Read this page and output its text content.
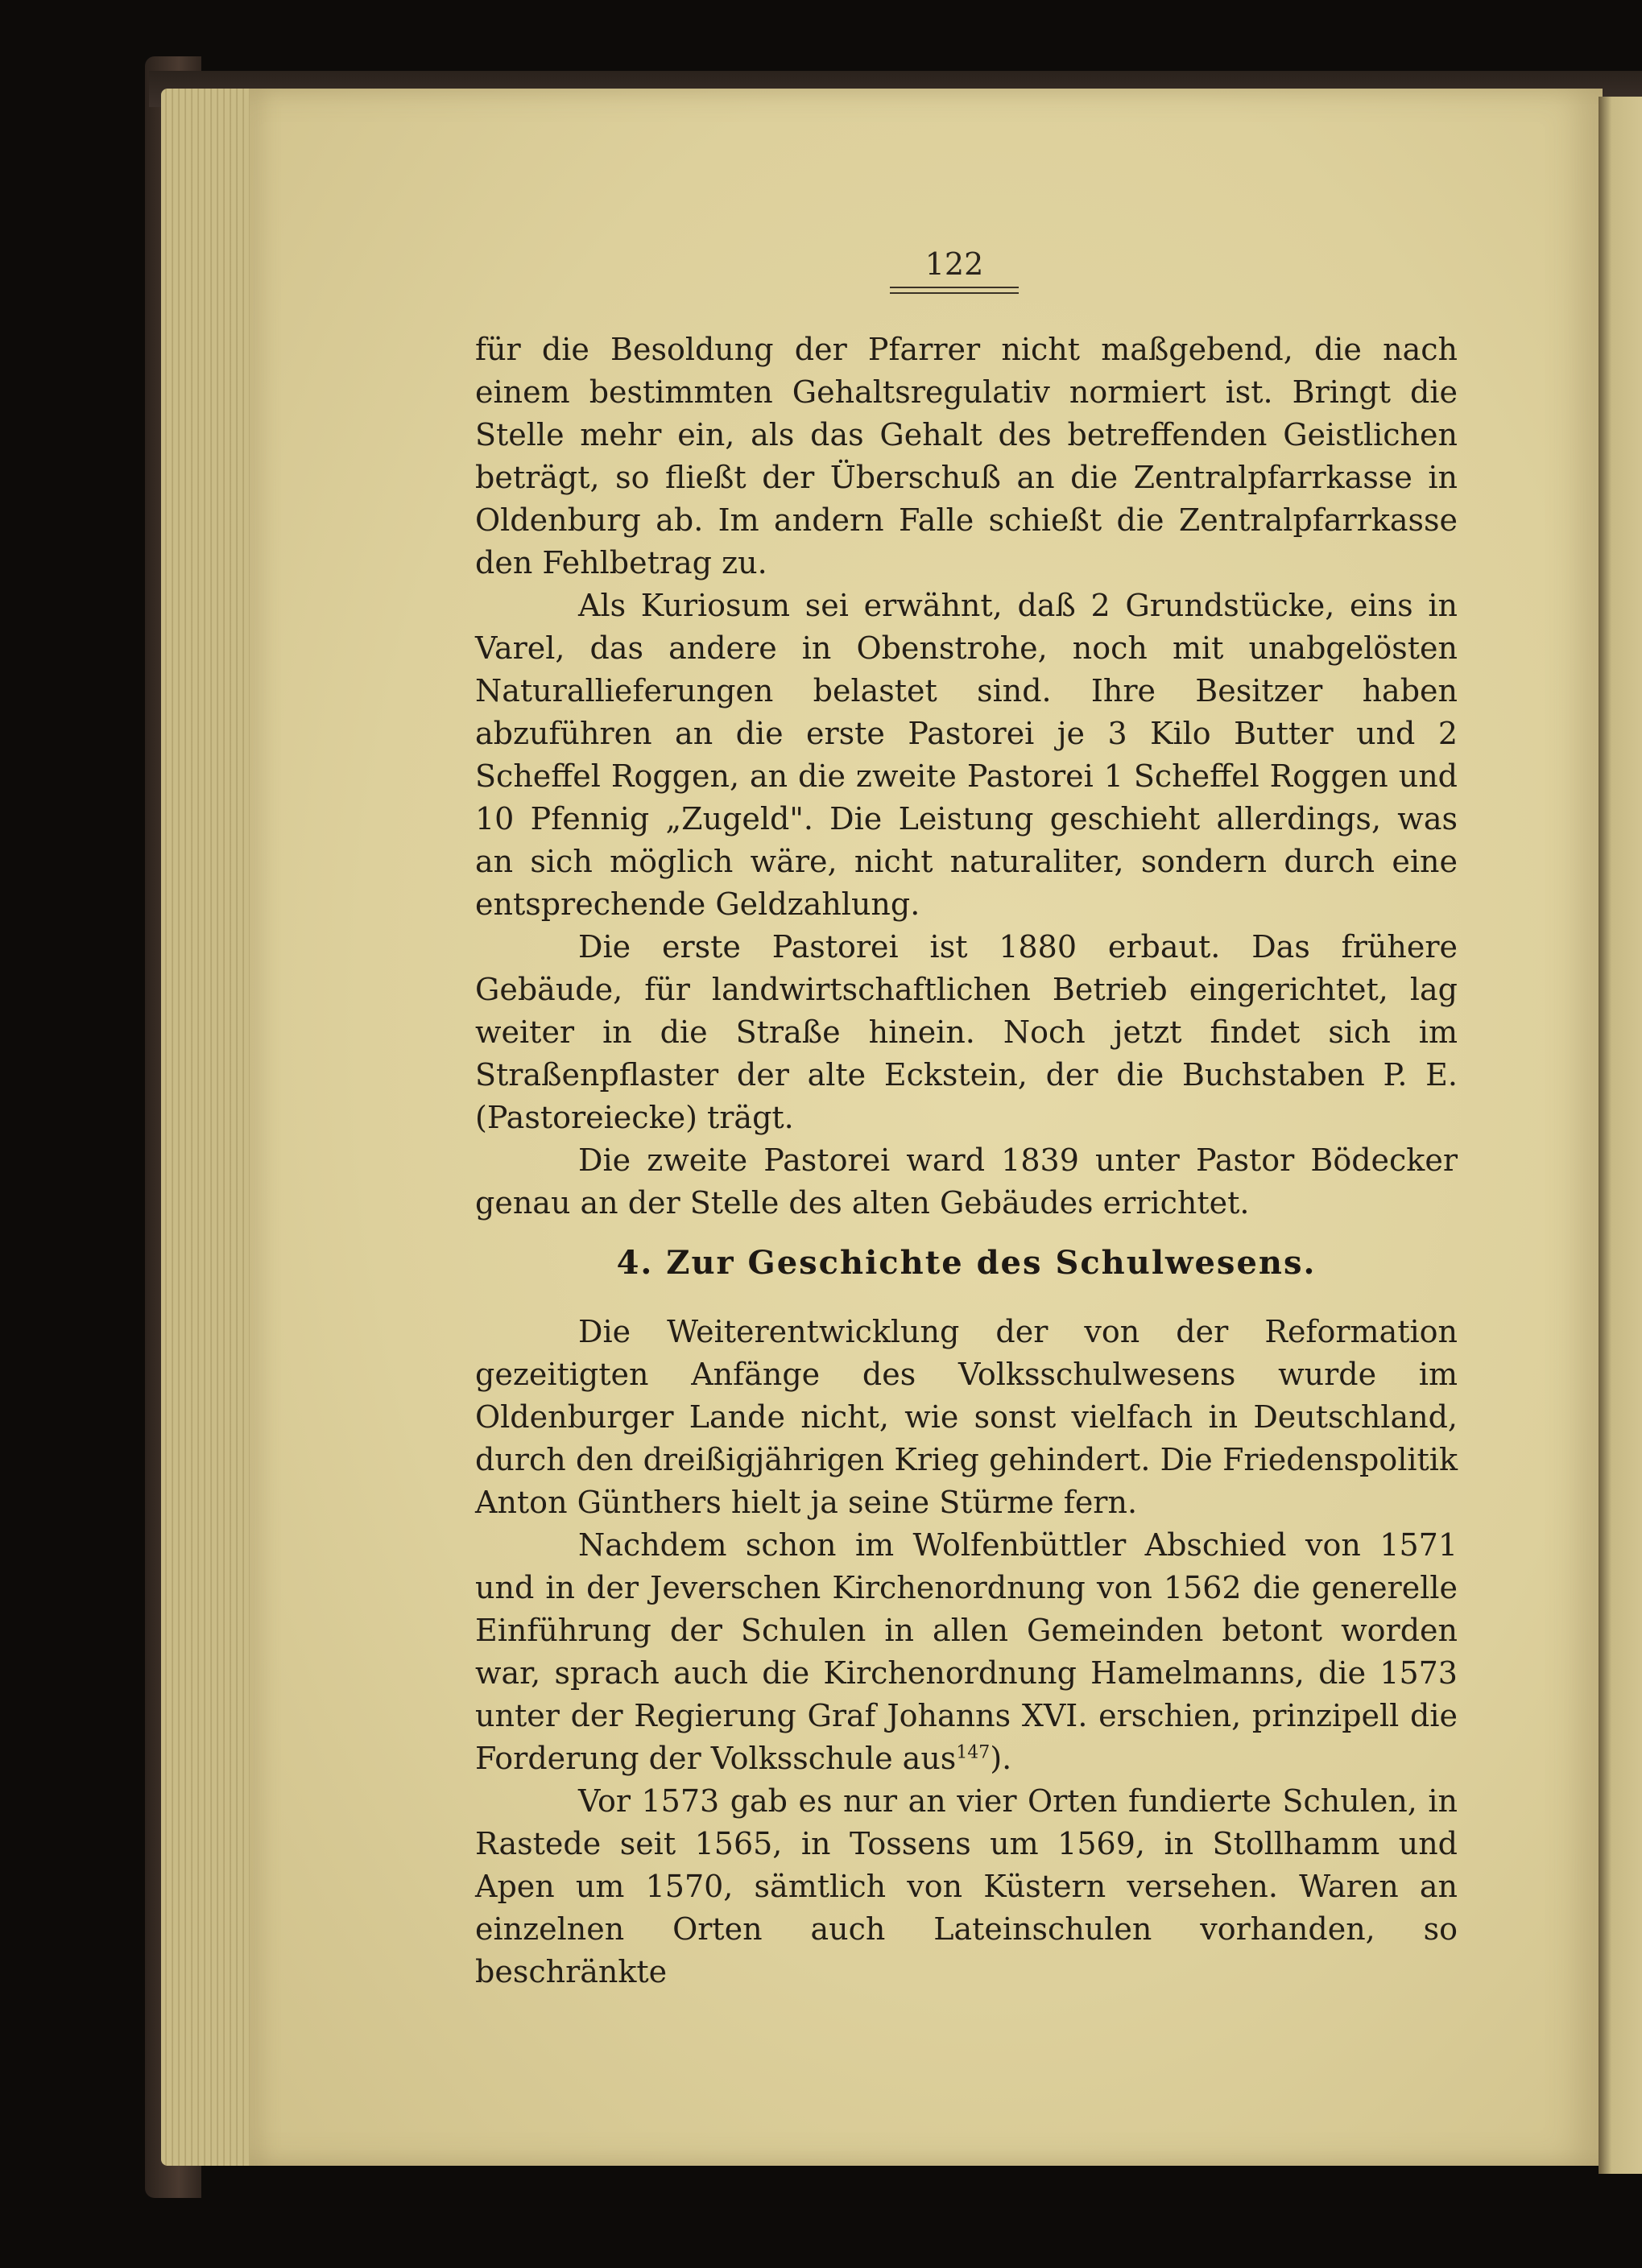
122

für die Besoldung der Pfarrer nicht maßgebend, die nach einem bestimmten Gehaltsregulativ normiert ist. Bringt die Stelle mehr ein, als das Gehalt des betreffenden Geistlichen beträgt, so fließt der Überschuß an die Zentralpfarrkasse in Oldenburg ab. Im andern Falle schießt die Zentralpfarrkasse den Fehlbetrag zu.

Als Kuriosum sei erwähnt, daß 2 Grundstücke, eins in Varel, das andere in Obenstrohe, noch mit unabgelösten Naturallieferungen belastet sind. Ihre Besitzer haben abzuführen an die erste Pastorei je 3 Kilo Butter und 2 Scheffel Roggen, an die zweite Pastorei 1 Scheffel Roggen und 10 Pfennig „Zugeld". Die Leistung geschieht allerdings, was an sich möglich wäre, nicht naturaliter, sondern durch eine entsprechende Geldzahlung.

Die erste Pastorei ist 1880 erbaut. Das frühere Gebäude, für landwirtschaftlichen Betrieb eingerichtet, lag weiter in die Straße hinein. Noch jetzt findet sich im Straßenpflaster der alte Eckstein, der die Buchstaben P. E. (Pastoreiecke) trägt.

Die zweite Pastorei ward 1839 unter Pastor Bödecker genau an der Stelle des alten Gebäudes errichtet.

4. Zur Geschichte des Schulwesens.

Die Weiterentwicklung der von der Reformation gezeitigten Anfänge des Volksschulwesens wurde im Oldenburger Lande nicht, wie sonst vielfach in Deutschland, durch den dreißigjährigen Krieg gehindert. Die Friedenspolitik Anton Günthers hielt ja seine Stürme fern.

Nachdem schon im Wolfenbüttler Abschied von 1571 und in der Jeverschen Kirchenordnung von 1562 die generelle Einführung der Schulen in allen Gemeinden betont worden war, sprach auch die Kirchenordnung Hamelmanns, die 1573 unter der Regierung Graf Johanns XVI. erschien, prinzipell die Forderung der Volksschule aus$^{147}$).

Vor 1573 gab es nur an vier Orten fundierte Schulen, in Rastede seit 1565, in Tossens um 1569, in Stollhamm und Apen um 1570, sämtlich von Küstern versehen. Waren an einzelnen Orten auch Lateinschulen vorhanden, so beschränkte
